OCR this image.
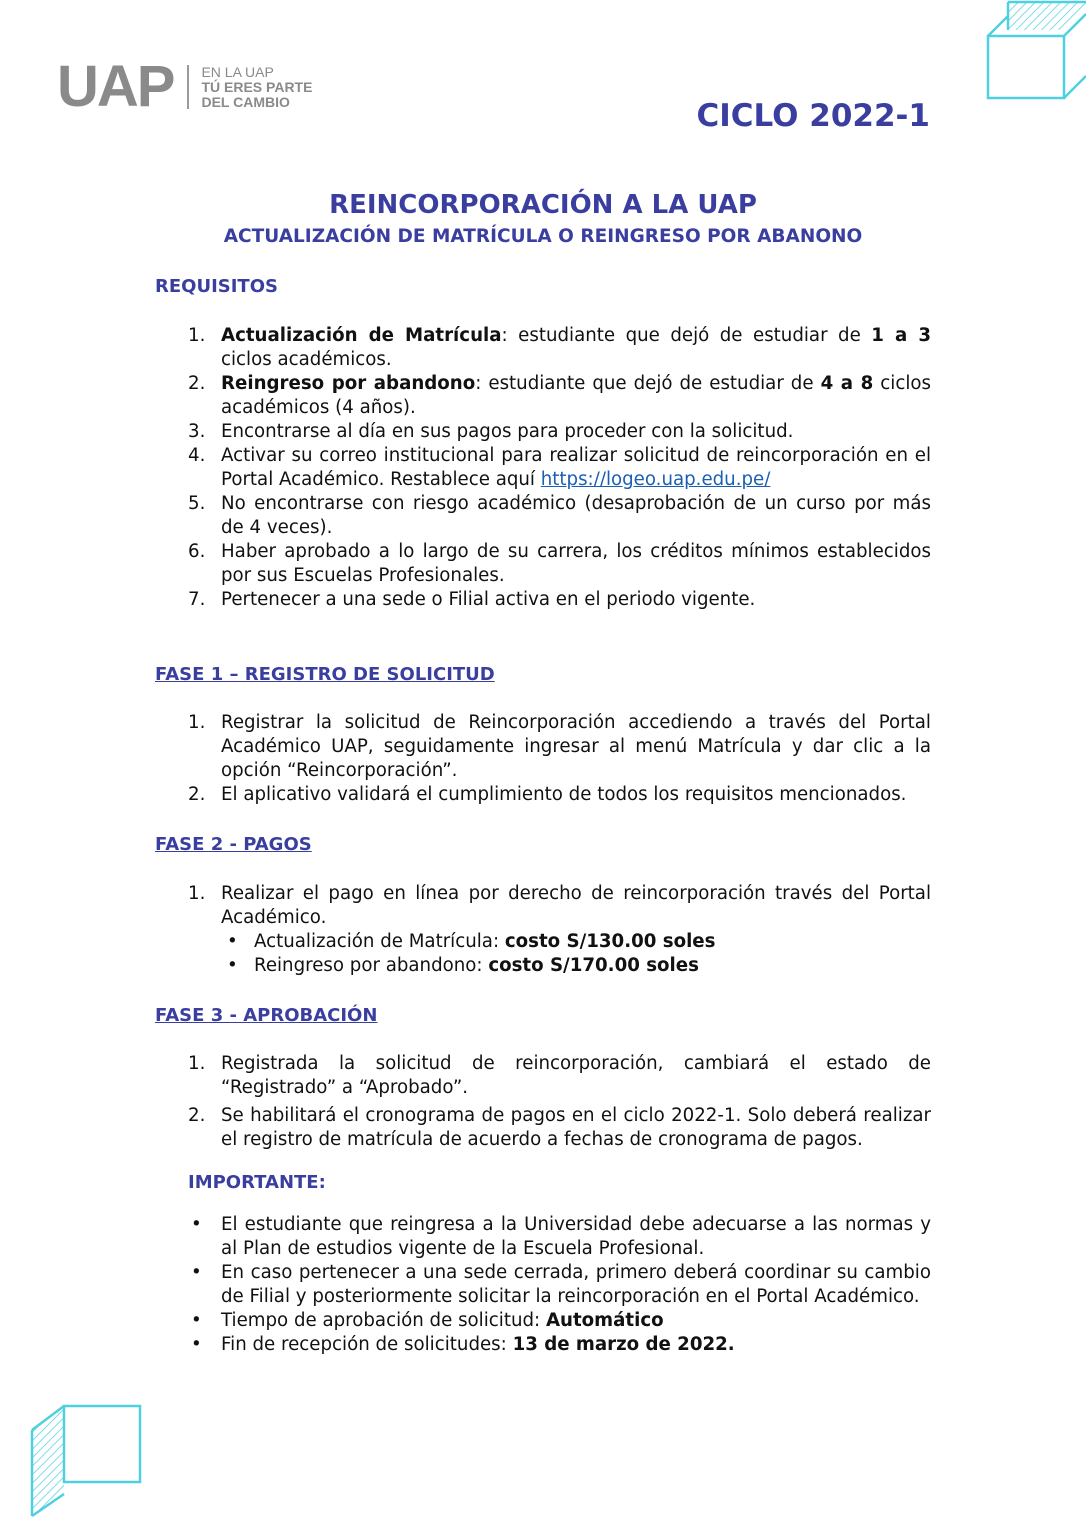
UAP EN LA UAP
TÚ ERES PARTE
DEL CAMBIO	CICLO 2022-1
REINCORPORACIÓN A LA UAP
ACTUALIZACIÓN DE MATRÍCULA O REINGRESO POR ABANONO
REQUISITOS
1. Actualización de Matrícula: estudiante que dejó de estudiar de 1 a 3 ciclos académicos.
2. Reingreso por abandono: estudiante que dejó de estudiar de 4 a 8 ciclos académicos (4 años).
3. Encontrarse al día en sus pagos para proceder con la solicitud.
4. Activar su correo institucional para realizar solicitud de reincorporación en el Portal Académico. Restablece aquí https://logeo.uap.edu.pe/
5. No encontrarse con riesgo académico (desaprobación de un curso por más de 4 veces).
6. Haber aprobado a lo largo de su carrera, los créditos mínimos establecidos por sus Escuelas Profesionales.
7. Pertenecer a una sede o Filial activa en el periodo vigente.
FASE 1 – REGISTRO DE SOLICITUD
1. Registrar la solicitud de Reincorporación accediendo a través del Portal Académico UAP, seguidamente ingresar al menú Matrícula y dar clic a la opción “Reincorporación”.
2. El aplicativo validará el cumplimiento de todos los requisitos mencionados.
FASE 2 - PAGOS
1. Realizar el pago en línea por derecho de reincorporación través del Portal Académico.
• Actualización de Matrícula: costo S/130.00 soles
• Reingreso por abandono: costo S/170.00 soles
FASE 3 - APROBACIÓN
1. Registrada la solicitud de reincorporación, cambiará el estado de “Registrado” a “Aprobado”.
2. Se habilitará el cronograma de pagos en el ciclo 2022-1. Solo deberá realizar el registro de matrícula de acuerdo a fechas de cronograma de pagos.
IMPORTANTE:
• El estudiante que reingresa a la Universidad debe adecuarse a las normas y al Plan de estudios vigente de la Escuela Profesional.
• En caso pertenecer a una sede cerrada, primero deberá coordinar su cambio de Filial y posteriormente solicitar la reincorporación en el Portal Académico.
• Tiempo de aprobación de solicitud: Automático
• Fin de recepción de solicitudes: 13 de marzo de 2022.
